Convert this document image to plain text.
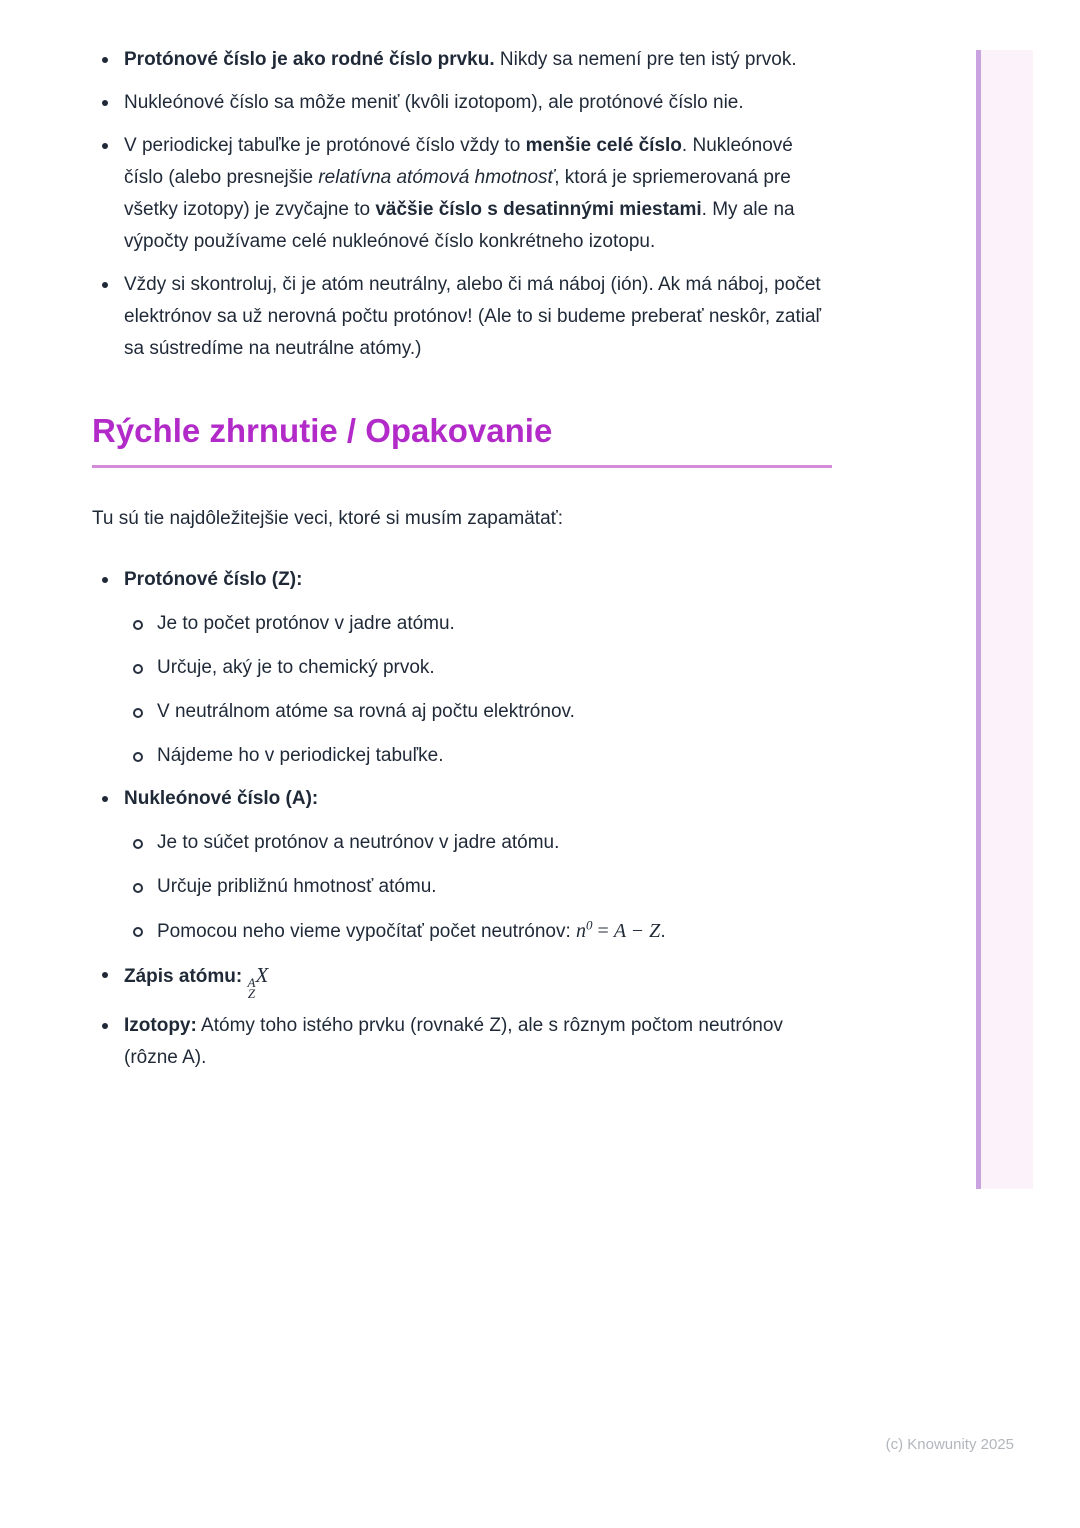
Protónové číslo je ako rodné číslo prvku. Nikdy sa nemení pre ten istý prvok.
Nukleónové číslo sa môže meniť (kvôli izotopom), ale protónové číslo nie.
V periodickej tabuľke je protónové číslo vždy to menšie celé číslo. Nukleónové číslo (alebo presnejšie relatívna atómová hmotnosť, ktorá je spriemerovaná pre všetky izotopy) je zvyčajne to väčšie číslo s desatinnými miestami. My ale na výpočty používame celé nukleónové číslo konkrétneho izotopu.
Vždy si skontroluj, či je atóm neutrálny, alebo či má náboj (ión). Ak má náboj, počet elektrónov sa už nerovná počtu protónov! (Ale to si budeme preberať neskôr, zatiaľ sa sústredíme na neutrálne atómy.)
Rýchle zhrnutie / Opakovanie

Tu sú tie najdôležitejšie veci, ktoré si musím zapamätať:

Protónové číslo (Z):
Je to počet protónov v jadre atómu.
Určuje, aký je to chemický prvok.
V neutrálnom atóme sa rovná aj počtu elektrónov.
Nájdeme ho v periodickej tabuľke.
Nukleónové číslo (A):
Je to súčet protónov a neutrónov v jadre atómu.
Určuje približnú hmotnosť atómu.
Pomocou neho vieme vypočítať počet neutrónov: $n^0 = A - Z$.
Zápis atómu: A
Z
X
Izotopy: Atómy toho istého prvku (rovnaké Z), ale s rôznym počtom neutrónov (rôzne A).
(c) Knowunity 2025
